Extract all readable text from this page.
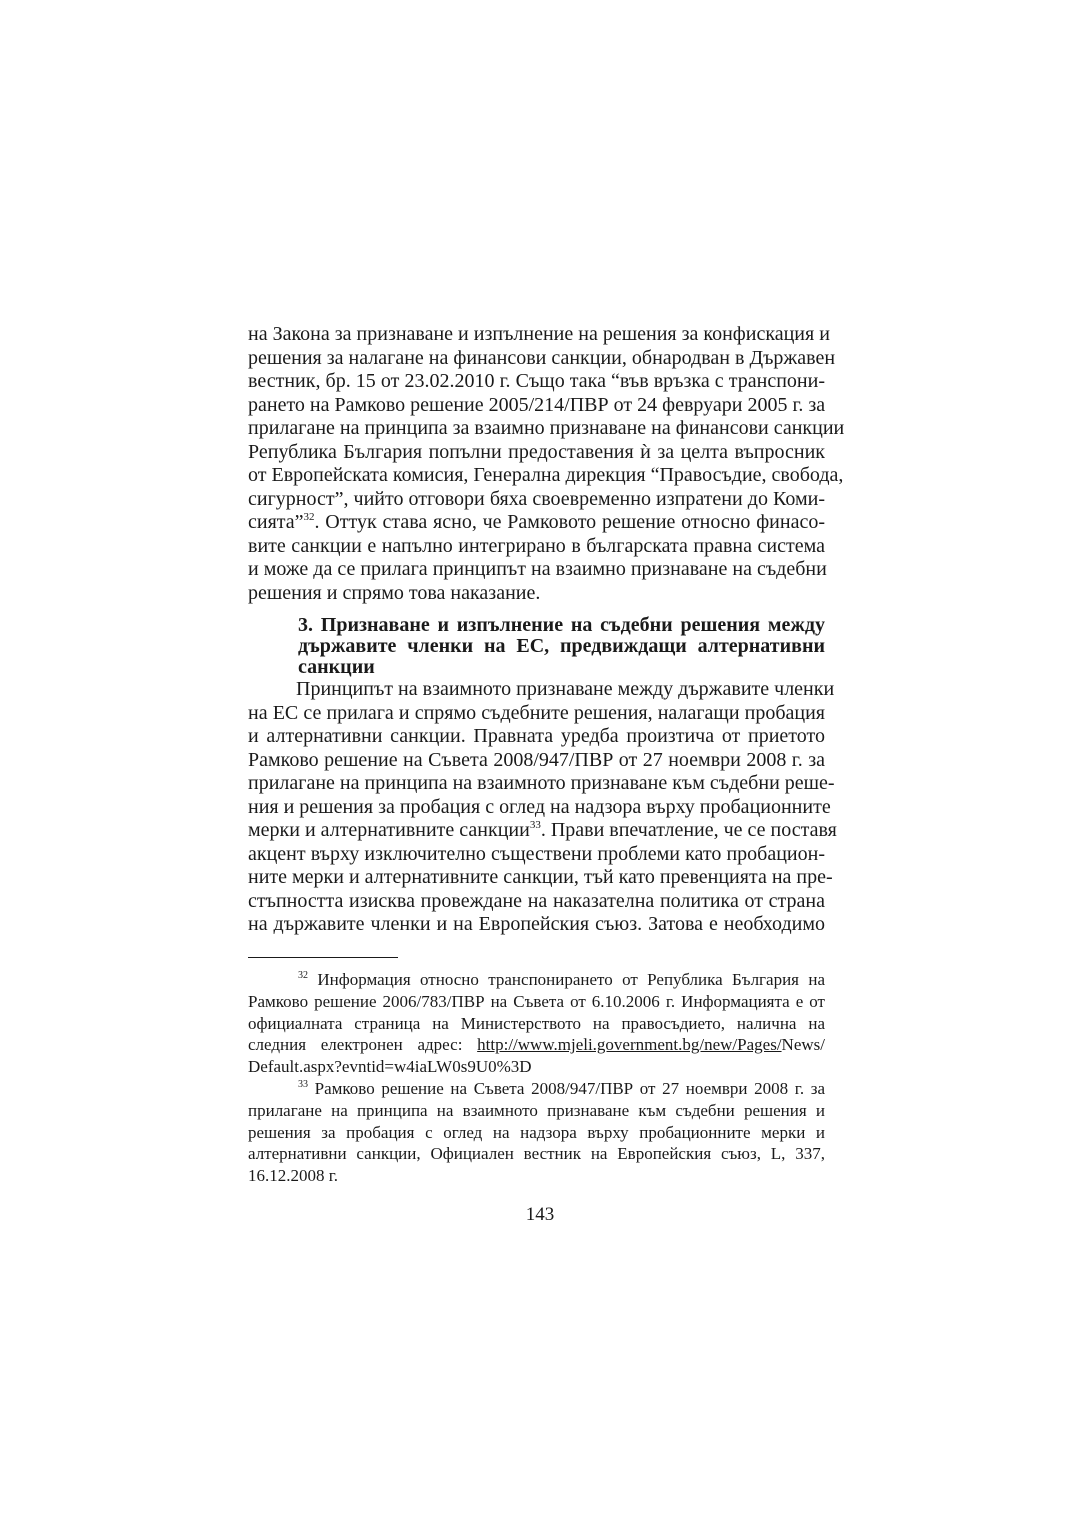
на Закона за признаване и изпълнение на решения за конфискация и
решения за налагане на финансови санкции, обнародван в Държавен
вестник, бр. 15 от 23.02.2010 г. Също така “във връзка с транспони-
рането на Рамково решение 2005/214/ПВР от 24 февруари 2005 г. за
прилагане на принципа за взаимно признаване на финансови санкции
Република България попълни предоставения ѝ за целта въпросник
от Европейската комисия, Генерална дирекция “Правосъдие, свобода,
сигурност”, чийто отговори бяха своевременно изпратени до Коми-
сията”$^{32}$. Оттук става ясно, че Рамковото решение относно финасо-
вите санкции е напълно интегрирано в българската правна система
и може да се прилага принципът на взаимно признаване на съдебни
решения и спрямо това наказание.
3. Признаване и изпълнение на съдебни решения между
държавите членки на ЕС, предвиждащи алтернативни
санкции
Принципът на взаимното признаване между държавите членки
на ЕС се прилага и спрямо съдебните решения, налагащи пробация
и алтернативни санкции. Правната уредба произтича от приетото
Рамково решение на Съвета 2008/947/ПВР от 27 ноември 2008 г. за
прилагане на принципа на взаимното признаване към съдебни реше-
ния и решения за пробация с оглед на надзора върху пробационните
мерки и алтернативните санкции$^{33}$. Прави впечатление, че се поставя
акцент върху изключително съществени проблеми като пробацион-
ните мерки и алтернативните санкции, тъй като превенцията на пре-
стъпността изисква провеждане на наказателна политика от страна
на държавите членки и на Европейския съюз. Затова е необходимо
$^{32}$ Информация относно транспонирането от Република България на
Рамково решение 2006/783/ПВР на Съвета от 6.10.2006 г. Информацията е от
официалната страница на Министерството на правосъдието, налична на
следния електронен адрес: http://www.mjeli.government.bg/new/Pages/News/
Default.aspx?evntid=w4iaLW0s9U0%3D
$^{33}$ Рамково решение на Съвета 2008/947/ПВР от 27 ноември 2008 г. за
прилагане на принципа на взаимното признаване към съдебни решения и
решения за пробация с оглед на надзора върху пробационните мерки и
алтернативни санкции, Официален вестник на Европейския съюз, L, 337,
16.12.2008 г.
143
